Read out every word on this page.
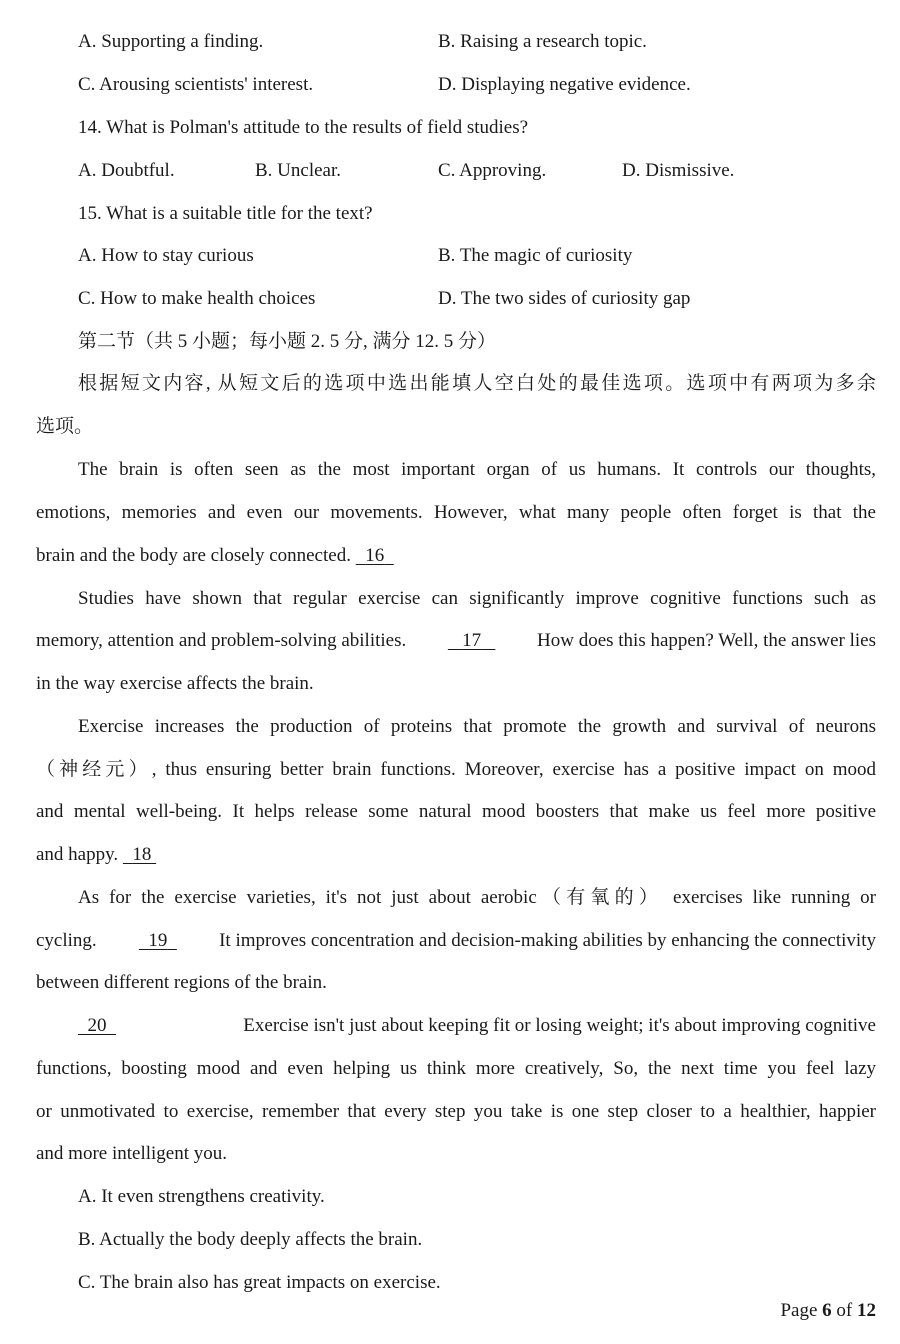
A. Supporting a finding.	B. Raising a research topic.
C. Arousing scientists' interest.	D. Displaying negative evidence.
14. What is Polman's attitude to the results of field studies?
A. Doubtful.	B. Unclear.	C. Approving.	D. Dismissive.
15. What is a suitable title for the text?
A. How to stay curious	B. The magic of curiosity
C. How to make health choices	D. The two sides of curiosity gap
第二节（共 5 小题；每小题 2. 5 分, 满分 12. 5 分）
根据短文内容, 从短文后的选项中选出能填人空白处的最佳选项。选项中有两项为多余
选项。
The brain is often seen as the most important organ of us humans. It controls our thoughts,
emotions, memories and even our movements. However, what many people often forget is that the
brain and the body are closely connected. 16
Studies have shown that regular exercise can significantly improve cognitive functions such as
memory, attention and problem-solving abilities.	17	How does this happen? Well, the answer lies
in the way exercise affects the brain.
Exercise increases the production of proteins that promote the growth and survival of neurons
（神经元）, thus ensuring better brain functions. Moreover, exercise has a positive impact on mood
and mental well-being. It helps release some natural mood boosters that make us feel more positive
and happy. 18
As for the exercise varieties, it's not just about aerobic（有氧的） exercises like running or
cycling.	19	It improves concentration and decision-making abilities by enhancing the connectivity
between different regions of the brain.
20	Exercise isn't just about keeping fit or losing weight; it's about improving cognitive
functions, boosting mood and even helping us think more creatively, So, the next time you feel lazy
or unmotivated to exercise, remember that every step you take is one step closer to a healthier, happier
and more intelligent you.
A. It even strengthens creativity.
B. Actually the body deeply affects the brain.
C. The brain also has great impacts on exercise.
Page 6 of 12
